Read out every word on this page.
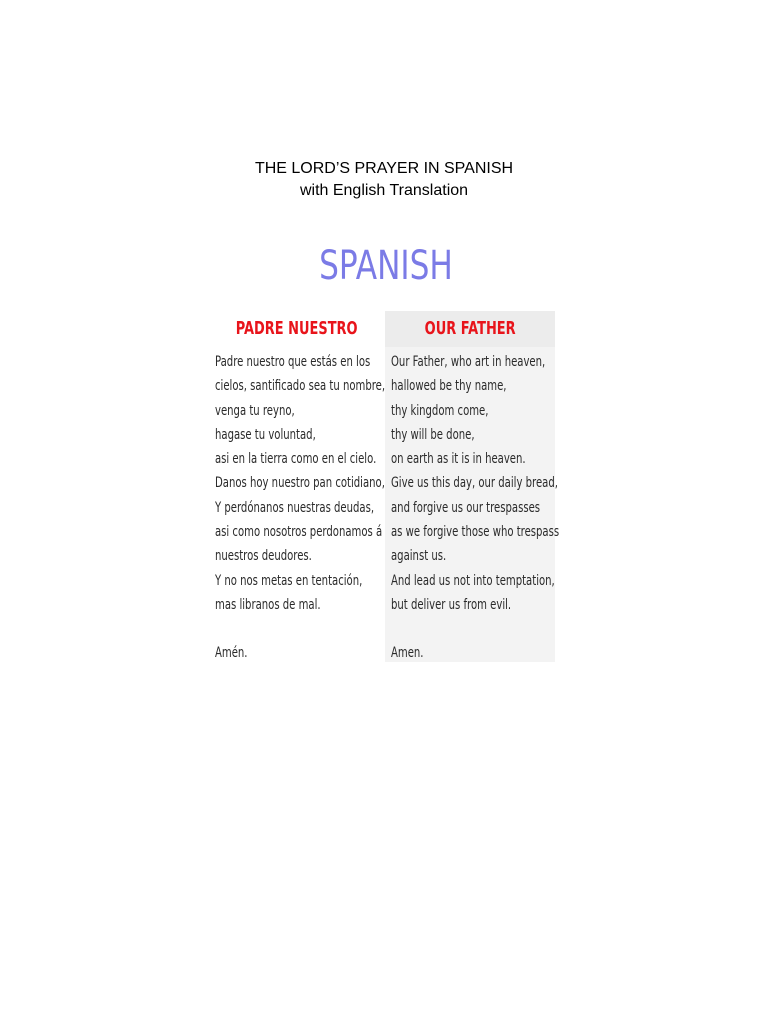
THE LORD’S PRAYER IN SPANISH
with English Translation
SPANISH
PADRE NUESTRO
Padre nuestro que estás en los
cielos, santificado sea tu nombre,
venga tu reyno,
hagase tu voluntad,
asi en la tierra como en el cielo.
Danos hoy nuestro pan cotidiano,
Y perdónanos nuestras deudas,
asi como nosotros perdonamos á
nuestros deudores.
Y no nos metas en tentación,
mas libranos de mal.
Amén.
OUR FATHER
Our Father, who art in heaven,
hallowed be thy name,
thy kingdom come,
thy will be done,
on earth as it is in heaven.
Give us this day, our daily bread,
and forgive us our trespasses
as we forgive those who trespass
against us.
And lead us not into temptation,
but deliver us from evil.
Amen.
